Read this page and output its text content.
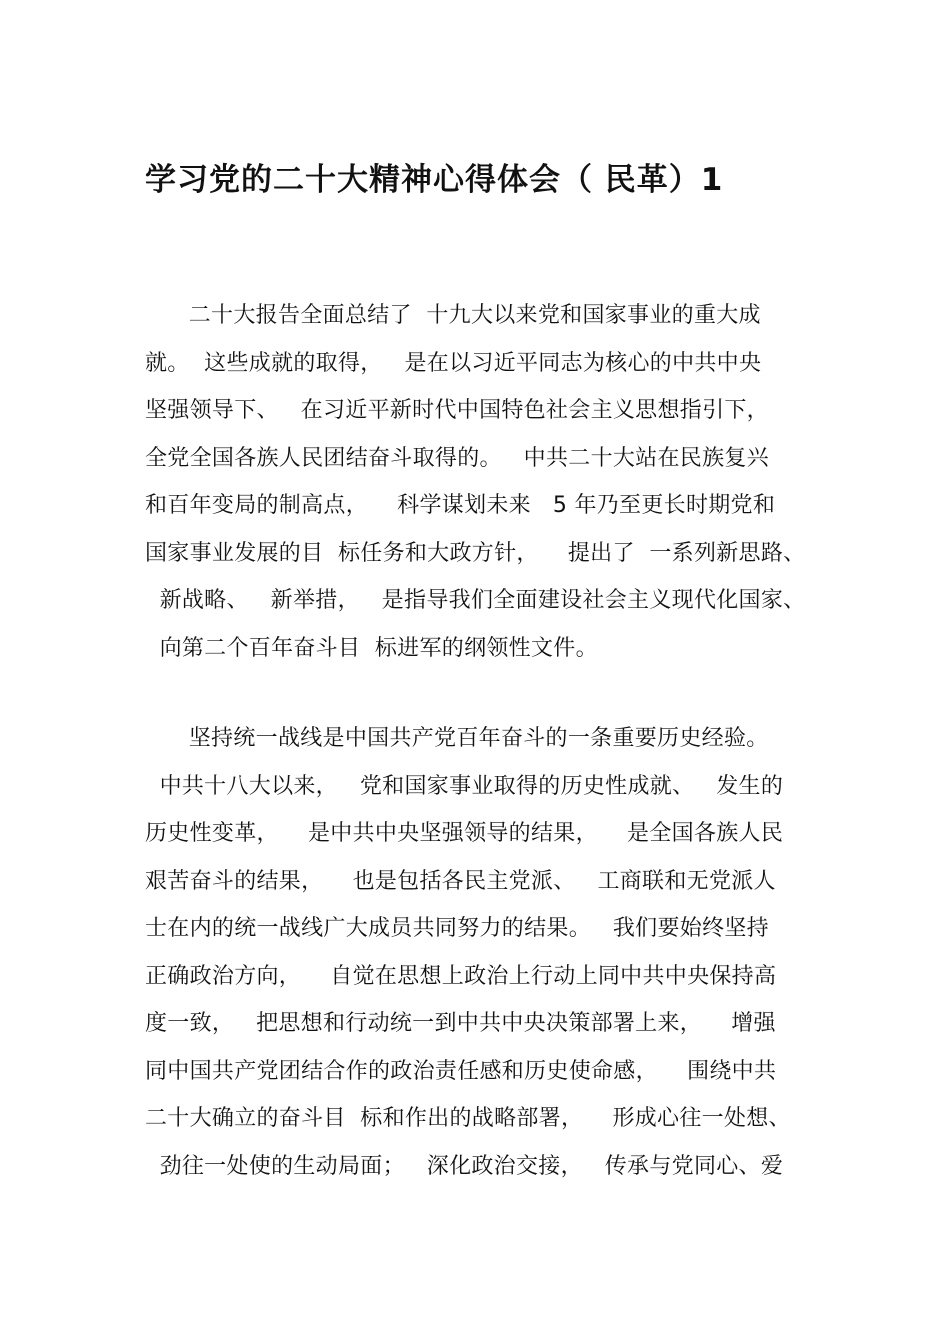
学习党的二十大精神心得体会（ 民革）1
二十大报告全面总结了  十九大以来党和国家事业的重大成
就。  这些成就的取得，   是在以习近平同志为核心的中共中央
坚强领导下、   在习近平新时代中国特色社会主义思想指引下，
全党全国各族人民团结奋斗取得的。   中共二十大站在民族复兴
和百年变局的制高点，    科学谋划未来   5 年乃至更长时期党和
国家事业发展的目  标任务和大政方针，    提出了  一系列新思路、
新战略、   新举措，   是指导我们全面建设社会主义现代化国家、
向第二个百年奋斗目  标进军的纲领性文件。
坚持统一战线是中国共产党百年奋斗的一条重要历史经验。
中共十八大以来，   党和国家事业取得的历史性成就、   发生的
历史性变革，    是中共中央坚强领导的结果，    是全国各族人民
艰苦奋斗的结果，    也是包括各民主党派、   工商联和无党派人
士在内的统一战线广大成员共同努力的结果。   我们要始终坚持
正确政治方向，    自觉在思想上政治上行动上同中共中央保持高
度一致，   把思想和行动统一到中共中央决策部署上来，    增强
同中国共产党团结合作的政治责任感和历史使命感，    围绕中共
二十大确立的奋斗目  标和作出的战略部署，    形成心往一处想、
劲往一处使的生动局面；   深化政治交接，   传承与党同心、爱
